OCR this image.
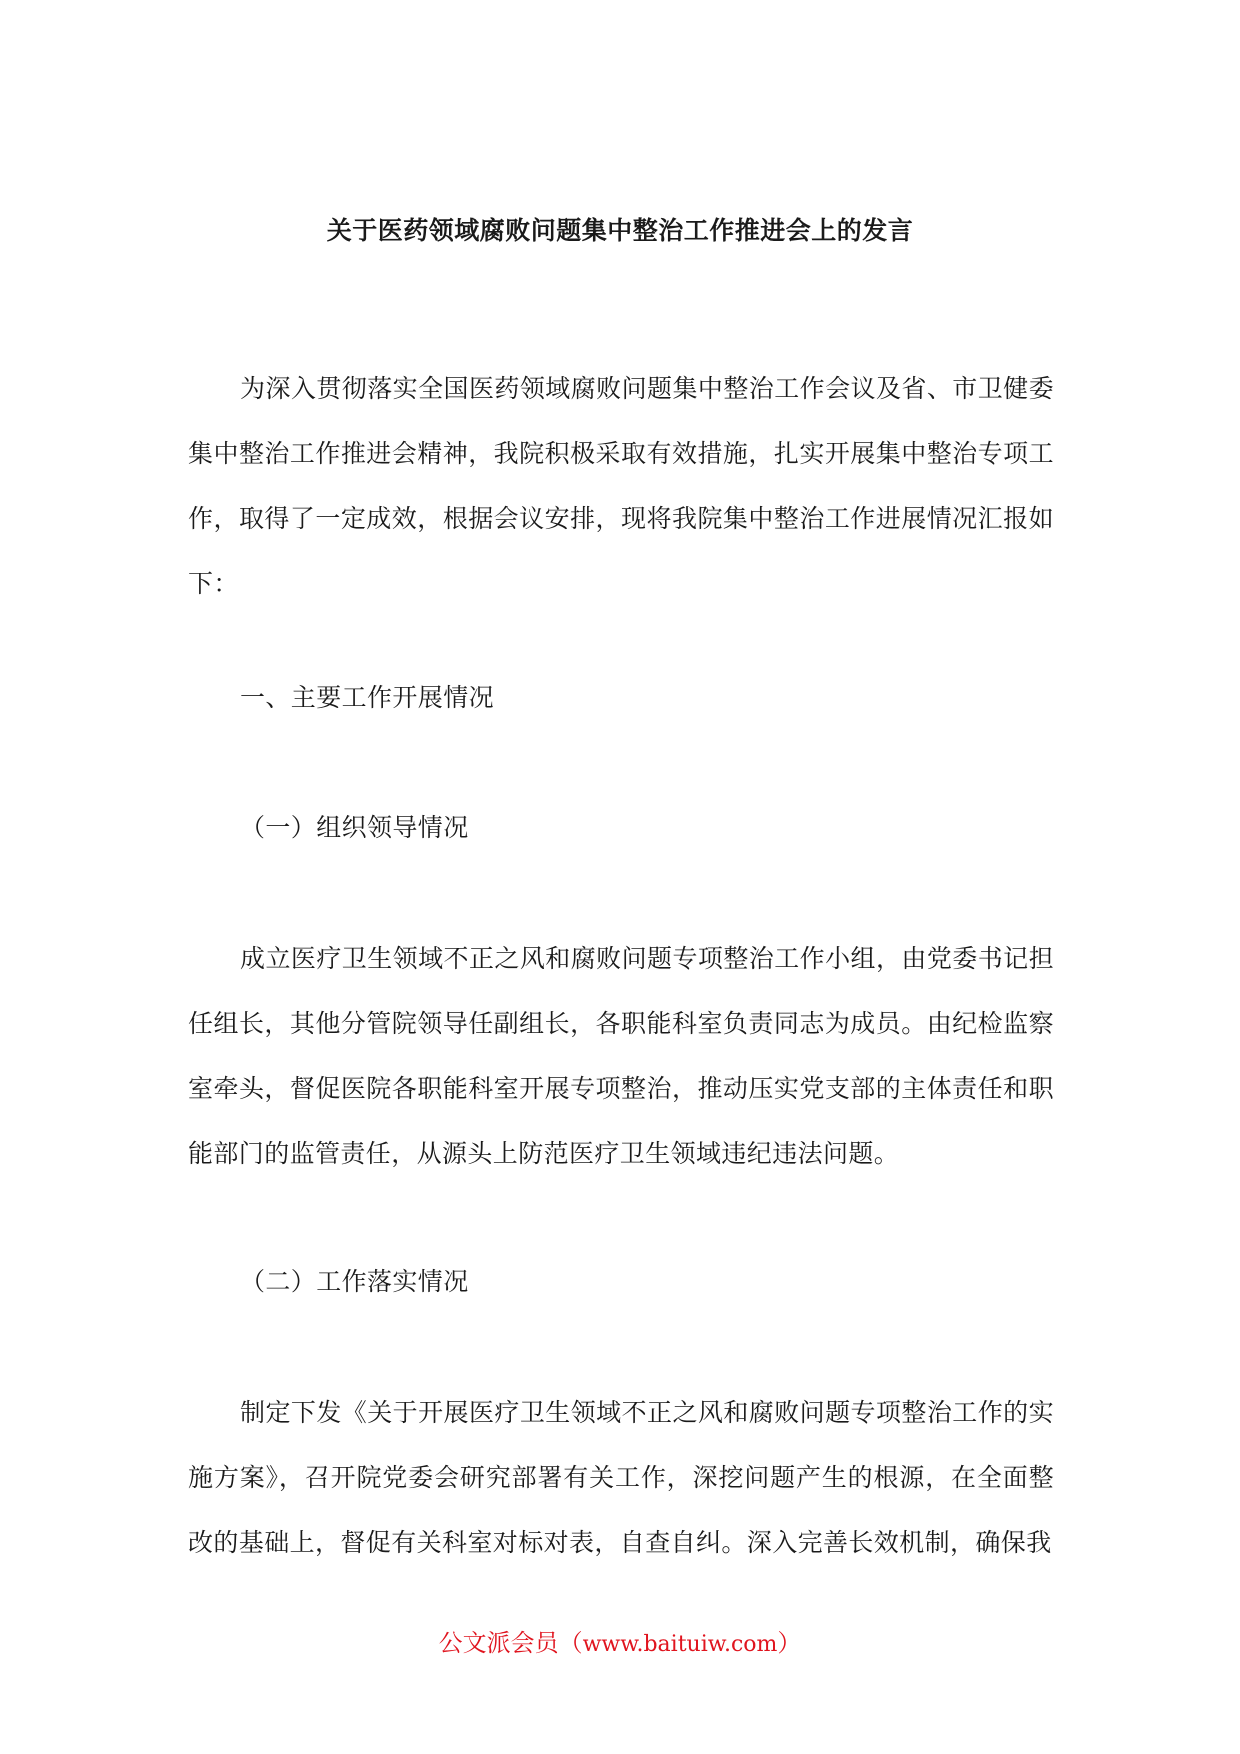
关于医药领域腐败问题集中整治工作推进会上的发言

为深入贯彻落实全国医药领域腐败问题集中整治工作会议及省、市卫健委集中整治工作推进会精神，我院积极采取有效措施，扎实开展集中整治专项工作，取得了一定成效，根据会议安排，现将我院集中整治工作进展情况汇报如下：

一、主要工作开展情况

（一）组织领导情况

成立医疗卫生领域不正之风和腐败问题专项整治工作小组，由党委书记担任组长，其他分管院领导任副组长，各职能科室负责同志为成员。由纪检监察室牵头，督促医院各职能科室开展专项整治，推动压实党支部的主体责任和职能部门的监管责任，从源头上防范医疗卫生领域违纪违法问题。

（二）工作落实情况

制定下发《关于开展医疗卫生领域不正之风和腐败问题专项整治工作的实施方案》，召开院党委会研究部署有关工作，深挖问题产生的根源，在全面整改的基础上，督促有关科室对标对表，自查自纠。深入完善长效机制，确保我

公文派会员（www.baituiw.com）
